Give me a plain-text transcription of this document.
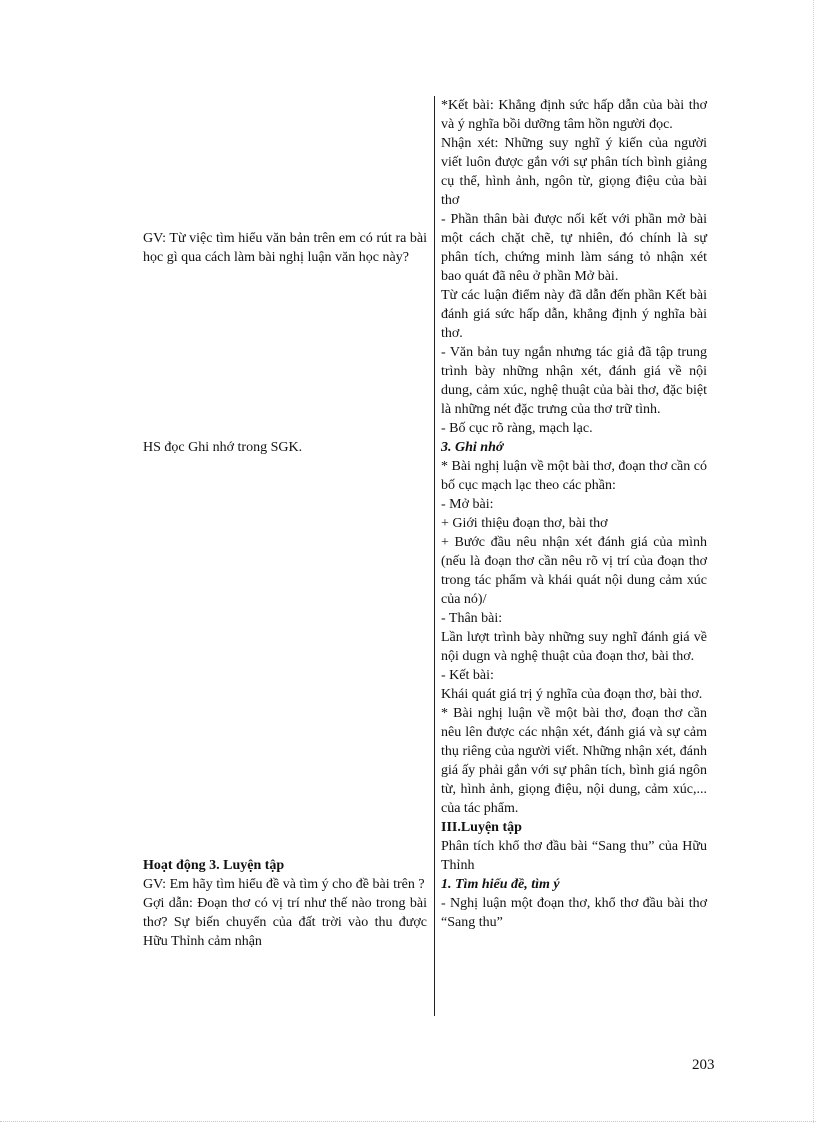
GV: Từ việc tìm hiểu văn bản trên em có rút ra bài học gì qua cách làm bài nghị luận văn học này?

HS đọc Ghi nhớ trong SGK.

Hoạt động 3. Luyện tập

GV: Em hãy tìm hiểu đề và tìm ý cho đề bài trên ?

Gợi dẫn: Đoạn thơ có vị trí như thế nào trong bài thơ? Sự biến chuyển của đất trời vào thu được Hữu Thỉnh cảm nhận

*Kết bài: Khẳng định sức hấp dẫn của bài thơ và ý nghĩa bồi dưỡng tâm hồn người đọc.

Nhận xét: Những suy nghĩ ý kiến của người viết luôn được gắn với sự phân tích bình giảng cụ thể, hình ảnh, ngôn từ, giọng điệu của bài thơ

- Phần thân bài được nối kết với phần mở bài một cách chặt chẽ, tự nhiên, đó chính là sự phân tích, chứng minh làm sáng tỏ nhận xét bao quát đã nêu ở phần Mở bài.

Từ các luận điểm này đã dẫn đến phần Kết bài đánh giá sức hấp dẫn, khẳng định ý nghĩa bài thơ.

- Văn bản tuy ngắn nhưng tác giả đã tập trung trình bày những nhận xét, đánh giá về nội dung, cảm xúc, nghệ thuật của bài thơ, đặc biệt là những nét đặc trưng của thơ trữ tình.

- Bố cục rõ ràng, mạch lạc.

3. Ghi nhớ

* Bài nghị luận về một bài thơ, đoạn thơ cần có bố cục mạch lạc theo các phần:

- Mở bài:

+ Giới thiệu đoạn thơ, bài thơ

+ Bước đầu nêu nhận xét đánh giá của mình (nếu là đoạn thơ cần nêu rõ vị trí của đoạn thơ trong tác phẩm và khái quát nội dung cảm xúc của nó)/

- Thân bài:

Lần lượt trình bày những suy nghĩ đánh giá về nội dugn và nghệ thuật của đoạn thơ, bài thơ.

- Kết bài:

Khái quát giá trị ý nghĩa của đoạn thơ, bài thơ.

* Bài nghị luận về một bài thơ, đoạn thơ cần nêu lên được các nhận xét, đánh giá và sự cảm thụ riêng của người viết. Những nhận xét, đánh giá ấy phải gắn với sự phân tích, bình giá ngôn từ, hình ảnh, giọng điệu, nội dung, cảm xúc,... của tác phẩm.

III.Luyện tập

Phân tích khổ thơ đầu bài “Sang thu” của Hữu Thỉnh

1. Tìm hiểu đề, tìm ý

- Nghị luận một đoạn thơ, khổ thơ đầu bài thơ “Sang thu”

203
